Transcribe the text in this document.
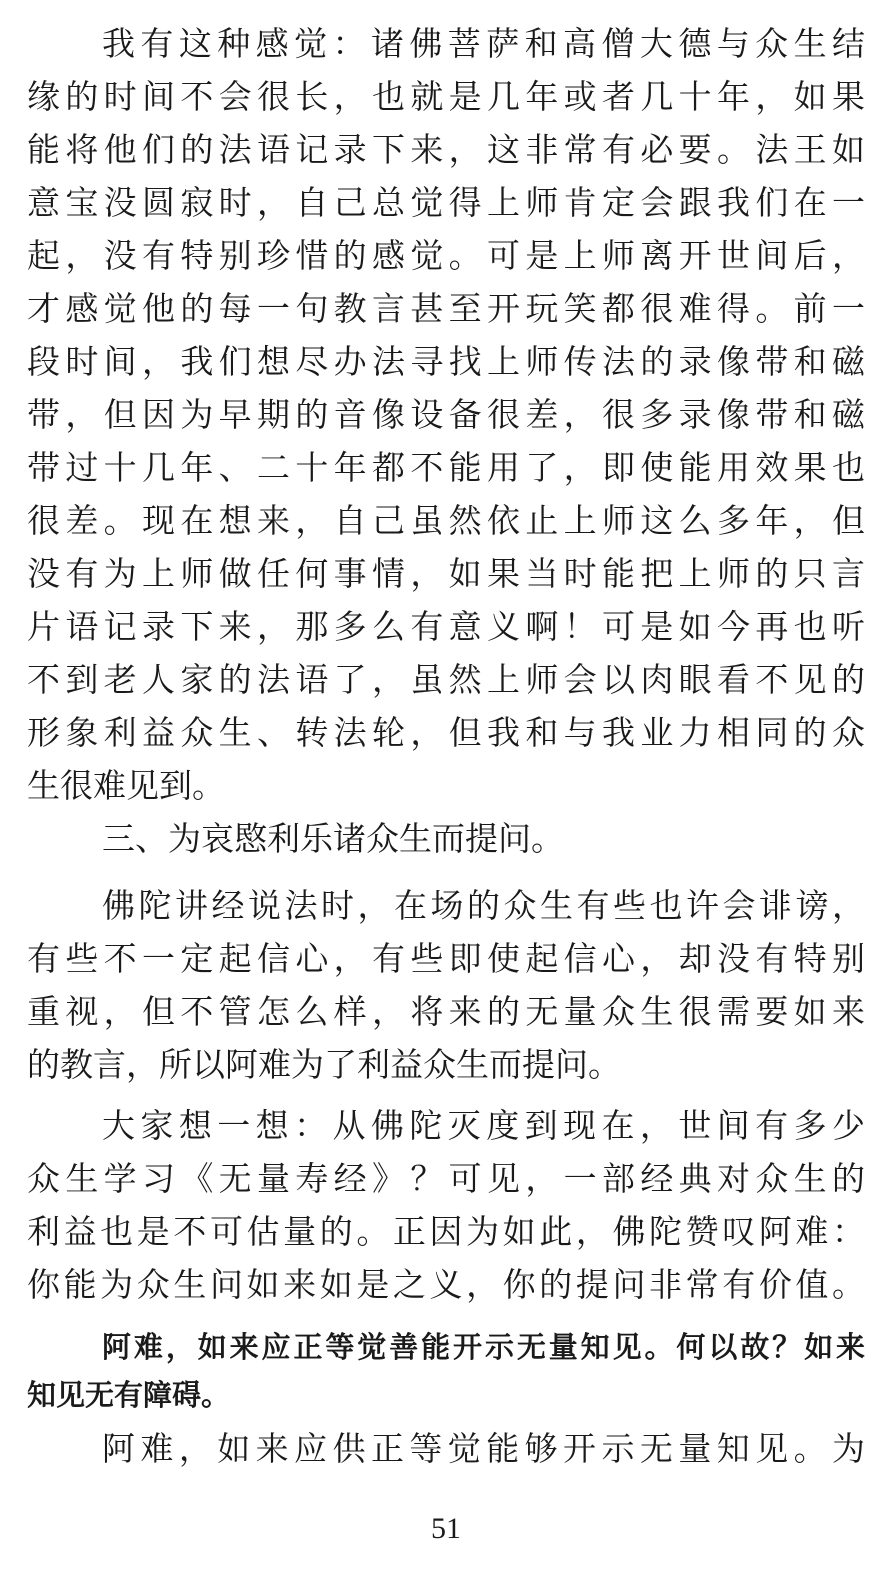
我有这种感觉：诸佛菩萨和高僧大德与众生结
缘的时间不会很长，也就是几年或者几十年，如果
能将他们的法语记录下来，这非常有必要。法王如
意宝没圆寂时，自己总觉得上师肯定会跟我们在一
起，没有特别珍惜的感觉。可是上师离开世间后，
才感觉他的每一句教言甚至开玩笑都很难得。前一
段时间，我们想尽办法寻找上师传法的录像带和磁
带，但因为早期的音像设备很差，很多录像带和磁
带过十几年、二十年都不能用了，即使能用效果也
很差。现在想来，自己虽然依止上师这么多年，但
没有为上师做任何事情，如果当时能把上师的只言
片语记录下来，那多么有意义啊！可是如今再也听
不到老人家的法语了，虽然上师会以肉眼看不见的
形象利益众生、转法轮，但我和与我业力相同的众
生很难见到。
三、为哀愍利乐诸众生而提问。
佛陀讲经说法时，在场的众生有些也许会诽谤，
有些不一定起信心，有些即使起信心，却没有特别
重视，但不管怎么样，将来的无量众生很需要如来
的教言，所以阿难为了利益众生而提问。
大家想一想：从佛陀灭度到现在，世间有多少
众生学习《无量寿经》？可见，一部经典对众生的
利益也是不可估量的。正因为如此，佛陀赞叹阿难：
你能为众生问如来如是之义，你的提问非常有价值。
阿难，如来应正等觉善能开示无量知见。何以故？如来
知见无有障碍。
阿难，如来应供正等觉能够开示无量知见。为
51
